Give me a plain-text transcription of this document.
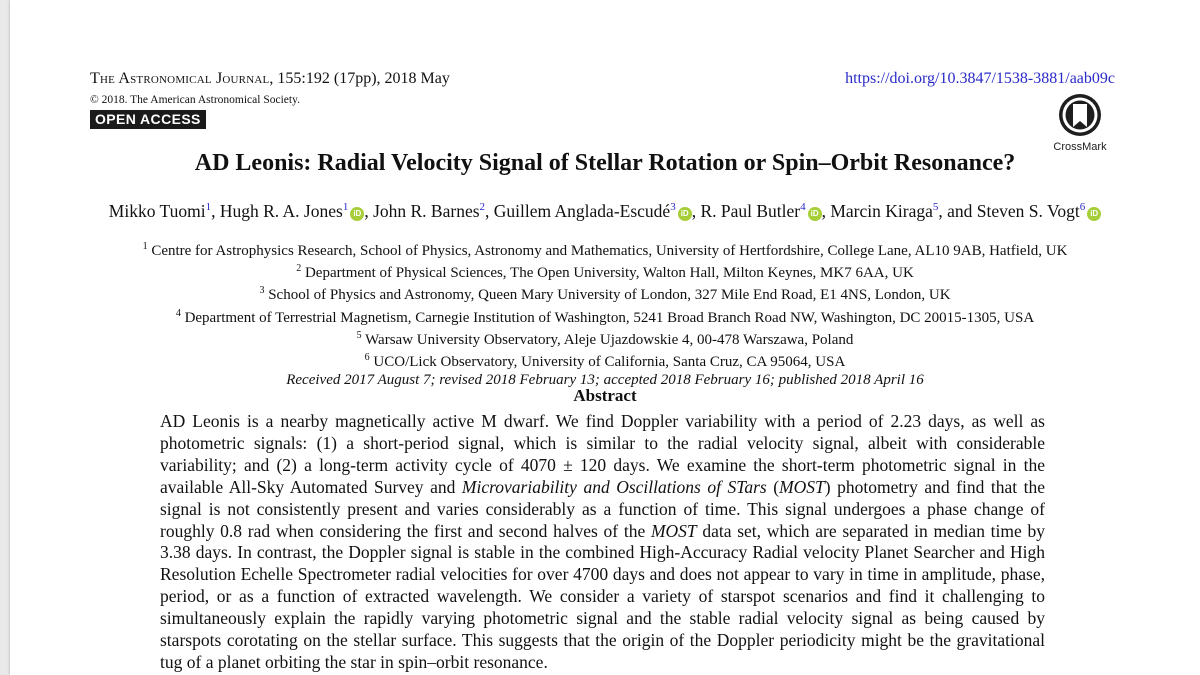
The Astronomical Journal, 155:192 (17pp), 2018 May
© 2018. The American Astronomical Society.
OPEN ACCESS
https://doi.org/10.3847/1538-3881/aab09c
CrossMark
AD Leonis: Radial Velocity Signal of Stellar Rotation or Spin–Orbit Resonance?
Mikko Tuomi$^1$, Hugh R. A. Jones$^1$iD , John R. Barnes$^2$, Guillem Anglada-Escudé$^3$iD , R. Paul Butler$^4$iD , Marcin Kiraga$^5$, and Steven S. Vogt$^6$iD
$^1$ Centre for Astrophysics Research, School of Physics, Astronomy and Mathematics, University of Hertfordshire, College Lane, AL10 9AB, Hatfield, UK
$^2$ Department of Physical Sciences, The Open University, Walton Hall, Milton Keynes, MK7 6AA, UK
$^3$ School of Physics and Astronomy, Queen Mary University of London, 327 Mile End Road, E1 4NS, London, UK
$^4$ Department of Terrestrial Magnetism, Carnegie Institution of Washington, 5241 Broad Branch Road NW, Washington, DC 20015-1305, USA
$^5$ Warsaw University Observatory, Aleje Ujazdowskie 4, 00-478 Warszawa, Poland
$^6$ UCO/Lick Observatory, University of California, Santa Cruz, CA 95064, USA
Received 2017 August 7; revised 2018 February 13; accepted 2018 February 16; published 2018 April 16
Abstract
AD Leonis is a nearby magnetically active M dwarf. We find Doppler variability with a period of 2.23 days, as well as photometric signals: (1) a short-period signal, which is similar to the radial velocity signal, albeit with considerable variability; and (2) a long-term activity cycle of 4070 ± 120 days. We examine the short-term photometric signal in the available All-Sky Automated Survey and Microvariability and Oscillations of STars (MOST) photometry and find that the signal is not consistently present and varies considerably as a function of time. This signal undergoes a phase change of roughly 0.8 rad when considering the first and second halves of the MOST data set, which are separated in median time by 3.38 days. In contrast, the Doppler signal is stable in the combined High-Accuracy Radial velocity Planet Searcher and High Resolution Echelle Spectrometer radial velocities for over 4700 days and does not appear to vary in time in amplitude, phase, period, or as a function of extracted wavelength. We consider a variety of starspot scenarios and find it challenging to simultaneously explain the rapidly varying photometric signal and the stable radial velocity signal as being caused by starspots corotating on the stellar surface. This suggests that the origin of the Doppler periodicity might be the gravitational tug of a planet orbiting the star in spin–orbit resonance.
